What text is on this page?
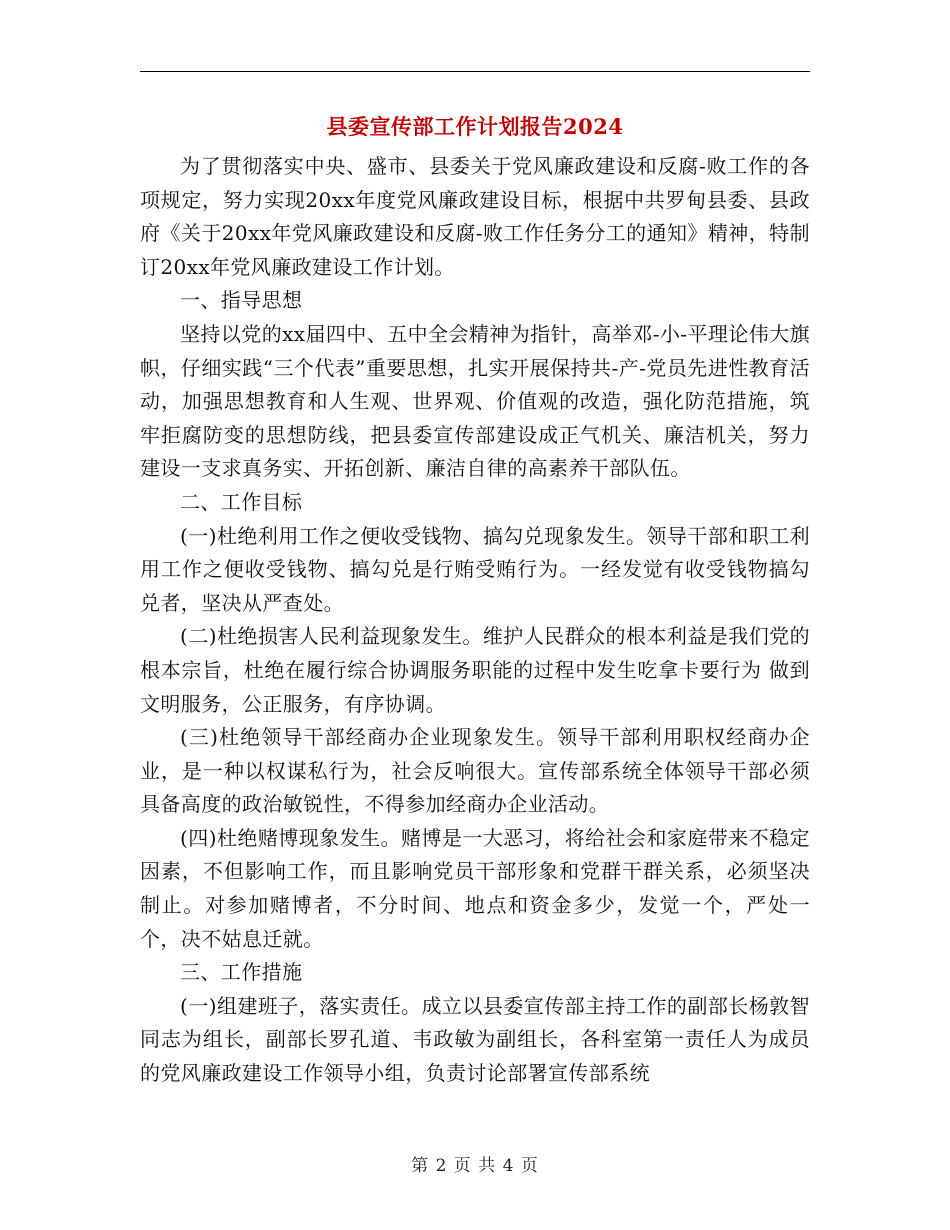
县委宣传部工作计划报告2024

为了贯彻落实中央、盛市、县委关于党风廉政建设和反腐-败工作的各项规定，努力实现20xx年度党风廉政建设目标，根据中共罗甸县委、县政府《关于20xx年党风廉政建设和反腐-败工作任务分工的通知》精神，特制订20xx年党风廉政建设工作计划。

一、指导思想

坚持以党的xx届四中、五中全会精神为指针，高举邓-小-平理论伟大旗帜，仔细实践“三个代表”重要思想，扎实开展保持共-产-党员先进性教育活动，加强思想教育和人生观、世界观、价值观的改造，强化防范措施，筑牢拒腐防变的思想防线，把县委宣传部建设成正气机关、廉洁机关，努力建设一支求真务实、开拓创新、廉洁自律的高素养干部队伍。

二、工作目标

(一)杜绝利用工作之便收受钱物、搞勾兑现象发生。领导干部和职工利用工作之便收受钱物、搞勾兑是行贿受贿行为。一经发觉有收受钱物搞勾兑者，坚决从严查处。

(二)杜绝损害人民利益现象发生。维护人民群众的根本利益是我们党的根本宗旨，杜绝在履行综合协调服务职能的过程中发生吃拿卡要行为 做到文明服务，公正服务，有序协调。

(三)杜绝领导干部经商办企业现象发生。领导干部利用职权经商办企业，是一种以权谋私行为，社会反响很大。宣传部系统全体领导干部必须具备高度的政治敏锐性，不得参加经商办企业活动。

(四)杜绝赌博现象发生。赌博是一大恶习，将给社会和家庭带来不稳定因素，不但影响工作，而且影响党员干部形象和党群干群关系，必须坚决制止。对参加赌博者，不分时间、地点和资金多少，发觉一个，严处一个，决不姑息迁就。

三、工作措施

(一)组建班子，落实责任。成立以县委宣传部主持工作的副部长杨敦智同志为组长，副部长罗孔道、韦政敏为副组长，各科室第一责任人为成员的党风廉政建设工作领导小组，负责讨论部署宣传部系统

第 2 页 共 4 页
